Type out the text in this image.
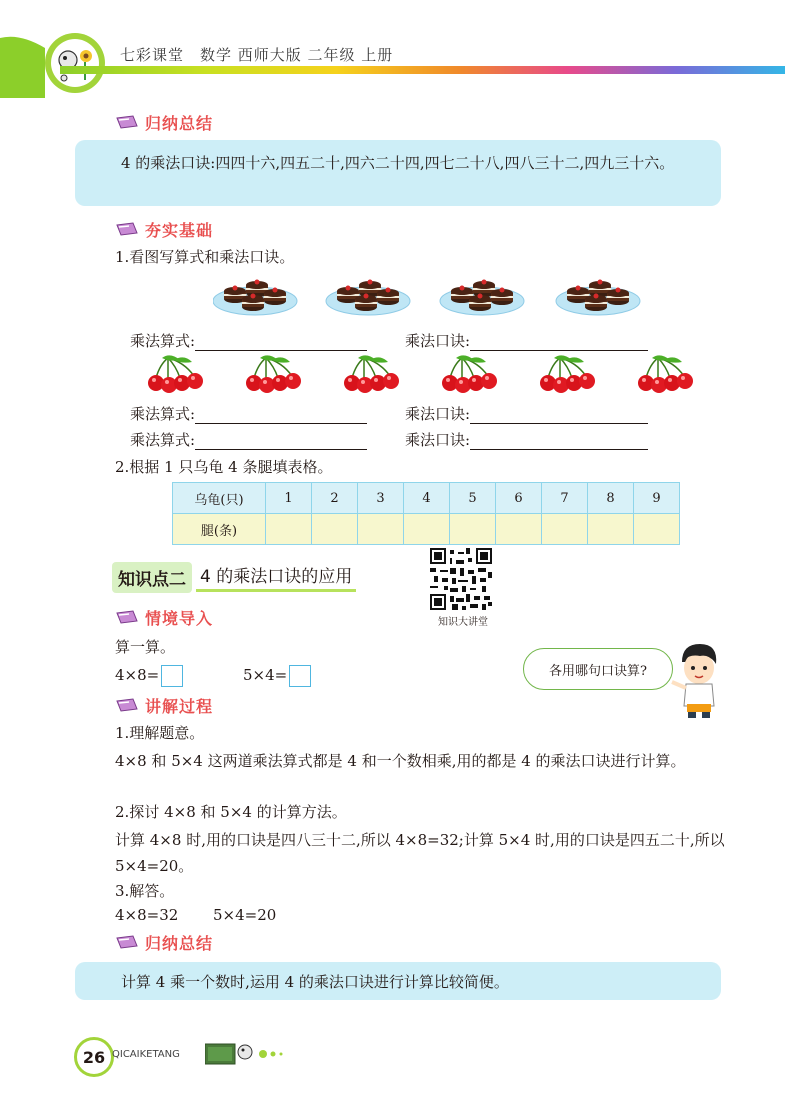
七彩课堂　数学 西师大版 二年级 上册
归纳总结

4 的乘法口诀:四四十六,四五二十,四六二十四,四七二十八,四八三十二,四九三十六。

夯实基础
1.看图写算式和乘法口诀。
乘法算式:	乘法口诀:
乘法算式:	乘法口诀:
乘法算式:	乘法口诀:
2.根据 1 只乌龟 4 条腿填表格。
乌龟(只)	1	2	3	4	5	6	7	8	9
腿(条)									
知识点二 4 的乘法口诀的应用
知识大讲堂
情境导入
算一算。
4×8=	5×4=	各用哪句口诀算?
讲解过程
1.理解题意。
4×8 和 5×4 这两道乘法算式都是 4 和一个数相乘,用的都是 4 的乘法口诀进行计算。
2.探讨 4×8 和 5×4 的计算方法。
计算 4×8 时,用的口诀是四八三十二,所以 4×8=32;计算 5×4 时,用的口诀是四五二十,所以 5×4=20。
3.解答。
4×8=32 5×4=20
归纳总结

计算 4 乘一个数时,运用 4 的乘法口诀进行计算比较简便。

26 QICAIKETANG
